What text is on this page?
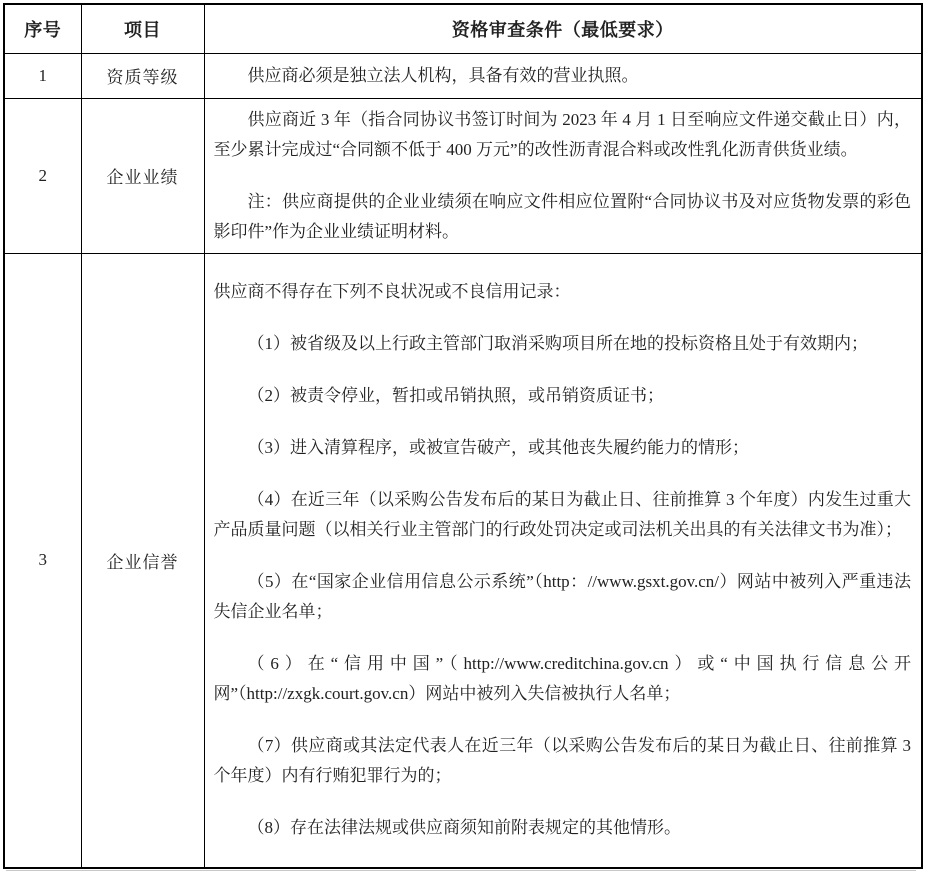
序号	项目	资格审查条件（最低要求）
1	资质等级	供应商必须是独立法人机构，具备有效的营业执照。

2	企业业绩	供应商近 3 年（指合同协议书签订时间为 2023 年 4 月 1 日至响应文件递交截止日）内，至少累计完成过“合同额不低于 400 万元”的改性沥青混合料或改性乳化沥青供货业绩。

注：供应商提供的企业业绩须在响应文件相应位置附“合同协议书及对应货物发票的彩色影印件”作为企业业绩证明材料。

3	企业信誉	

供应商不得存在下列不良状况或不良信用记录：

（1）被省级及以上行政主管部门取消采购项目所在地的投标资格且处于有效期内；

（2）被责令停业，暂扣或吊销执照，或吊销资质证书；

（3）进入清算程序，或被宣告破产，或其他丧失履约能力的情形；

（4）在近三年（以采购公告发布后的某日为截止日、往前推算 3 个年度）内发生过重大产品质量问题（以相关行业主管部门的行政处罚决定或司法机关出具的有关法律文书为准）；

（5）在“国家企业信用信息公示系统”（http：//www.gsxt.gov.cn/）网站中被列入严重违法失信企业名单；

（6）在“信用中国”（http://www.creditchina.gov.cn）或“中国执行信息公开网”（http://zxgk.court.gov.cn）网站中被列入失信被执行人名单；

（7）供应商或其法定代表人在近三年（以采购公告发布后的某日为截止日、往前推算 3 个年度）内有行贿犯罪行为的；

（8）存在法律法规或供应商须知前附表规定的其他情形。
